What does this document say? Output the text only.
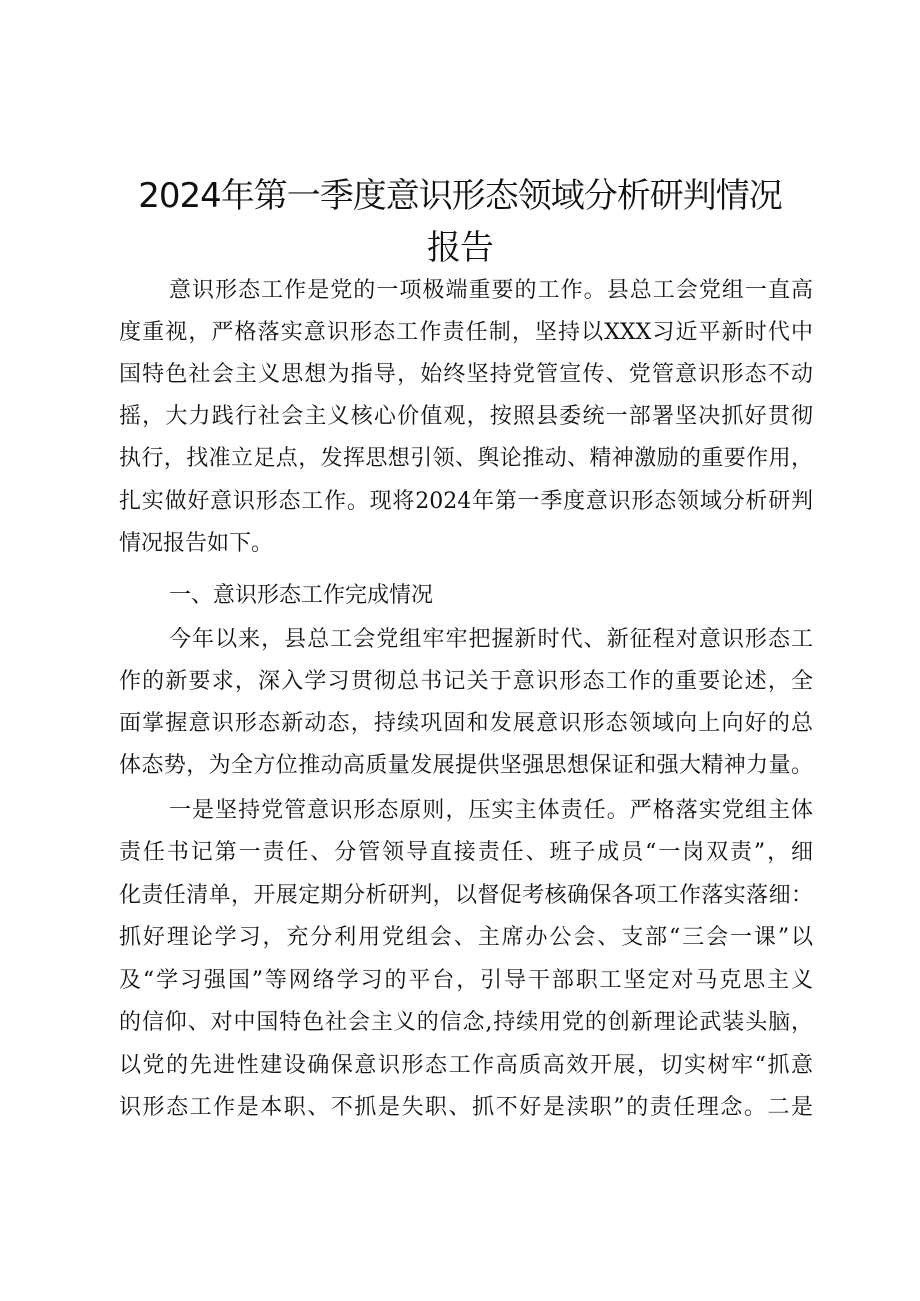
2024年第一季度意识形态领域分析研判情况
报告
意识形态工作是党的一项极端重要的工作。县总工会党组一直高
度重视，严格落实意识形态工作责任制，坚持以XXX习近平新时代中
国特色社会主义思想为指导，始终坚持党管宣传、党管意识形态不动
摇，大力践行社会主义核心价值观，按照县委统一部署坚决抓好贯彻
执行，找准立足点，发挥思想引领、舆论推动、精神激励的重要作用，
扎实做好意识形态工作。现将2024年第一季度意识形态领域分析研判
情况报告如下。
一、意识形态工作完成情况
今年以来，县总工会党组牢牢把握新时代、新征程对意识形态工
作的新要求，深入学习贯彻总书记关于意识形态工作的重要论述，全
面掌握意识形态新动态，持续巩固和发展意识形态领域向上向好的总
体态势，为全方位推动高质量发展提供坚强思想保证和强大精神力量。
一是坚持党管意识形态原则，压实主体责任。严格落实党组主体
责任书记第一责任、分管领导直接责任、班子成员“一岗双责”，细
化责任清单，开展定期分析研判，以督促考核确保各项工作落实落细：
抓好理论学习，充分利用党组会、主席办公会、支部“三会一课”以
及“学习强国”等网络学习的平台，引导干部职工坚定对马克思主义
的信仰、对中国特色社会主义的信念,持续用党的创新理论武装头脑，
以党的先进性建设确保意识形态工作高质高效开展，切实树牢“抓意
识形态工作是本职、不抓是失职、抓不好是渎职”的责任理念。二是
